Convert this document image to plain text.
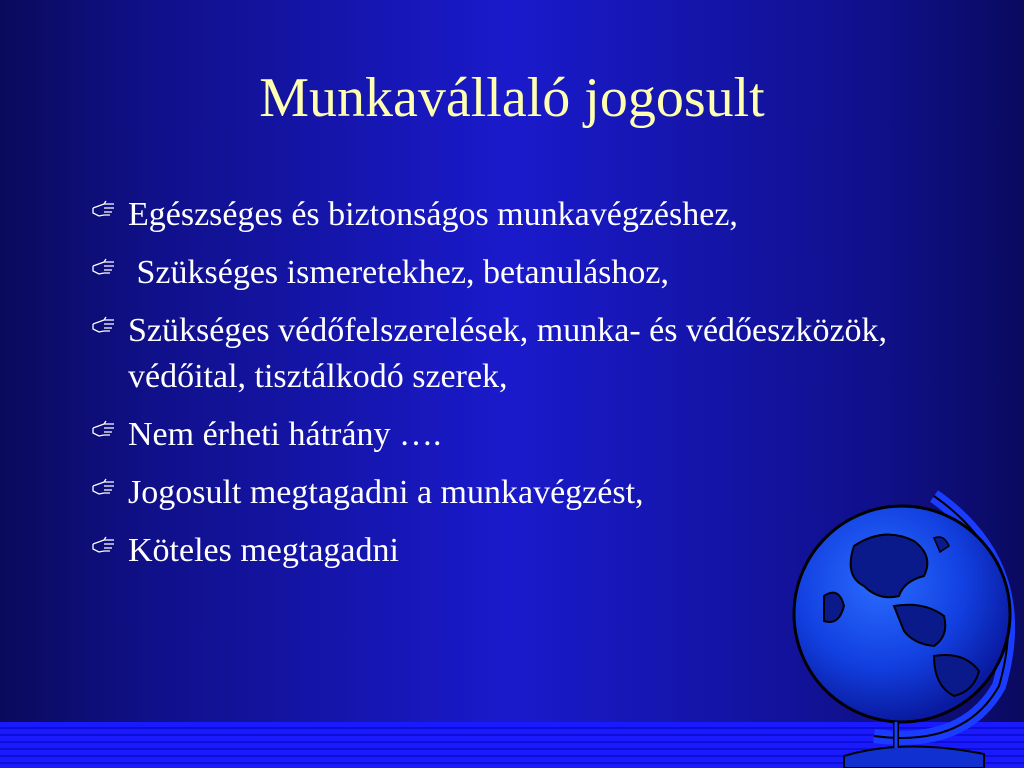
Munkavállaló jogosult
Egészséges és biztonságos munkavégzéshez,
Szükséges ismeretekhez, betanuláshoz,
Szükséges védőfelszerelések, munka- és védőeszközök, védőital, tisztálkodó szerek,
Nem érheti hátrány ….
Jogosult megtagadni a munkavégzést,
Köteles megtagadni
